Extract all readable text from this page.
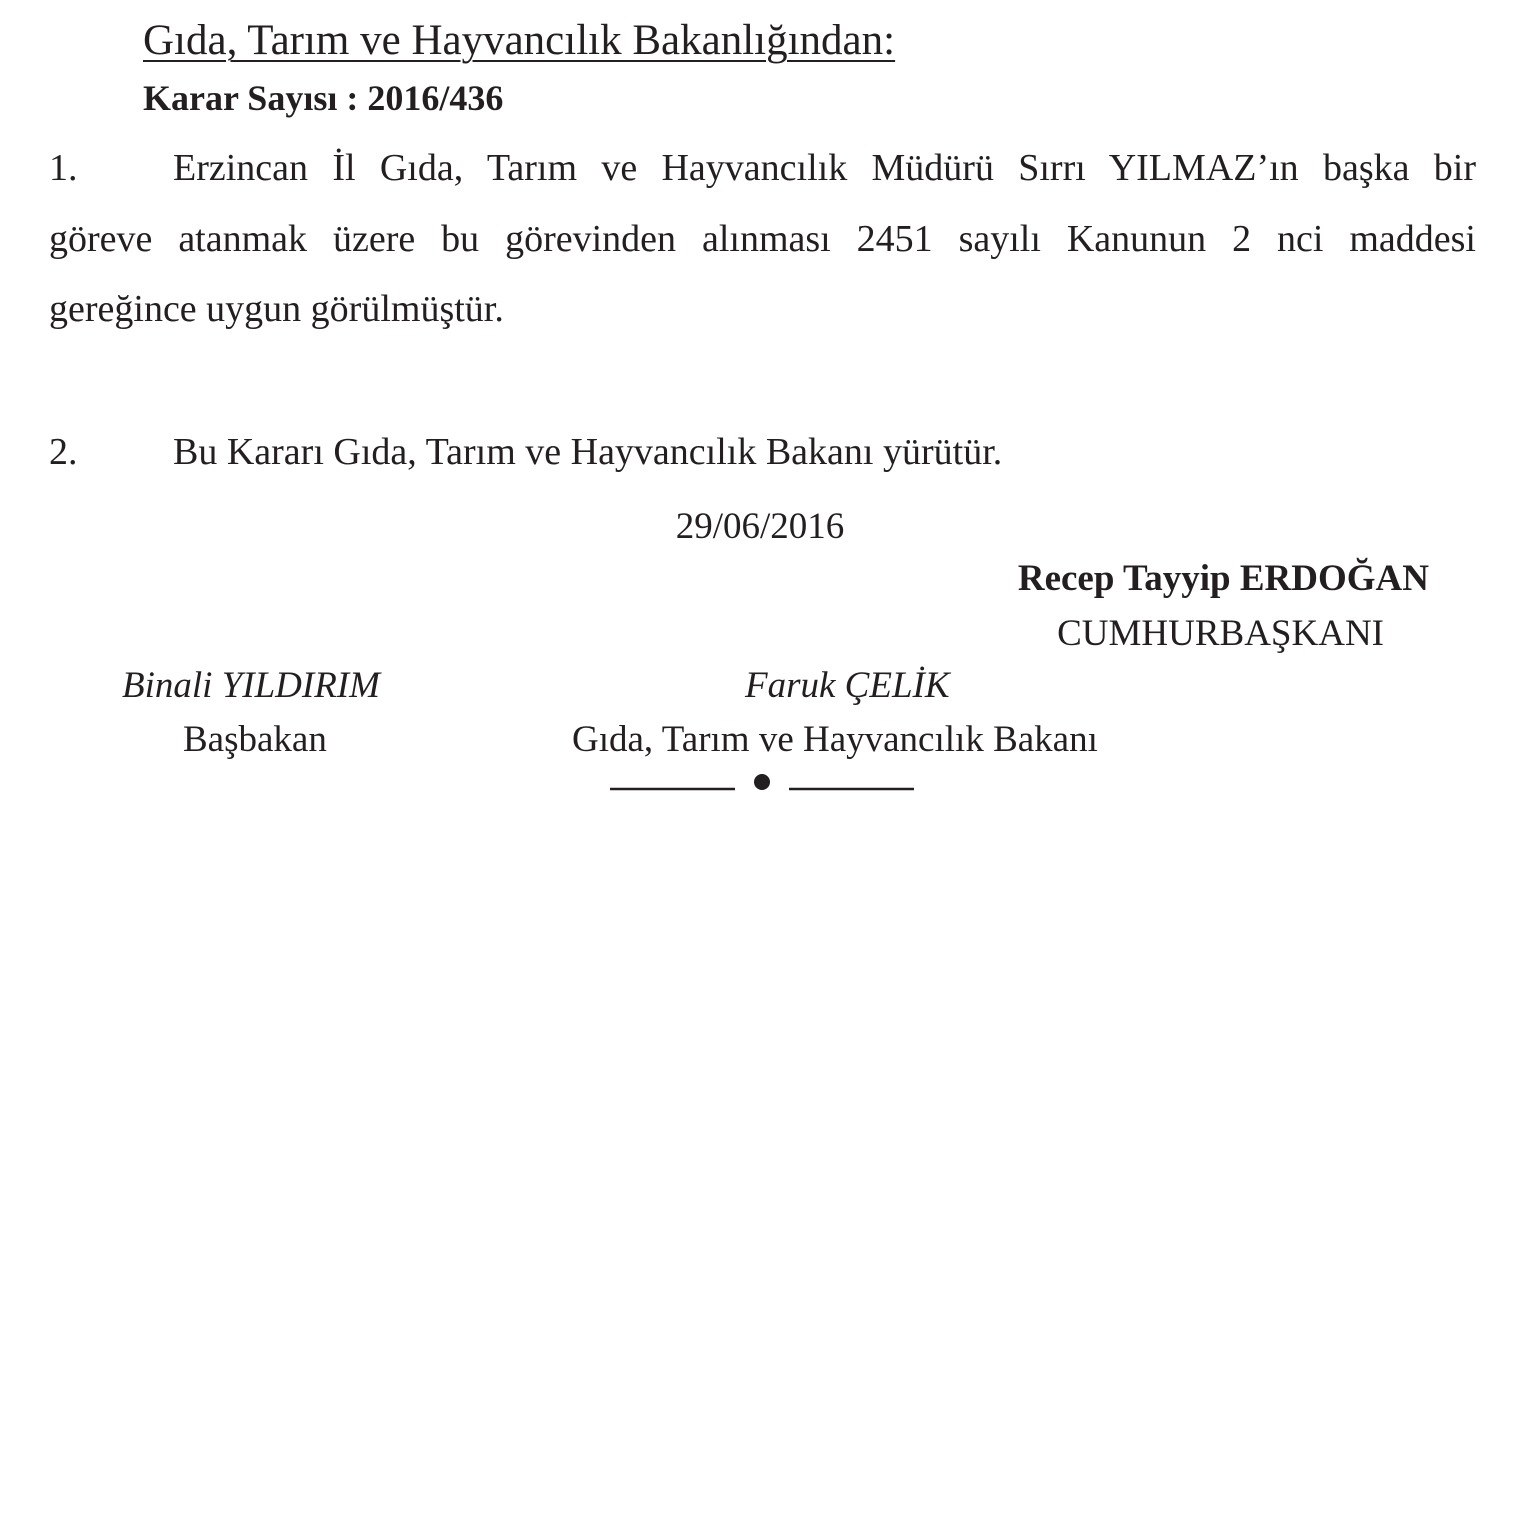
Gıda, Tarım ve Hayvancılık Bakanlığından:
Karar Sayısı : 2016/436
1.	Erzincan İl Gıda, Tarım ve Hayvancılık Müdürü Sırrı YILMAZ’ın başka bir
göreve atanmak üzere bu görevinden alınması 2451 sayılı Kanunun 2 nci maddesi
gereğince uygun görülmüştür.
2.	Bu Kararı Gıda, Tarım ve Hayvancılık Bakanı yürütür.
29/06/2016
Recep Tayyip ERDOĞAN
CUMHURBAŞKANI
Binali YILDIRIM
Başbakan
Faruk ÇELİK
Gıda, Tarım ve Hayvancılık Bakanı
